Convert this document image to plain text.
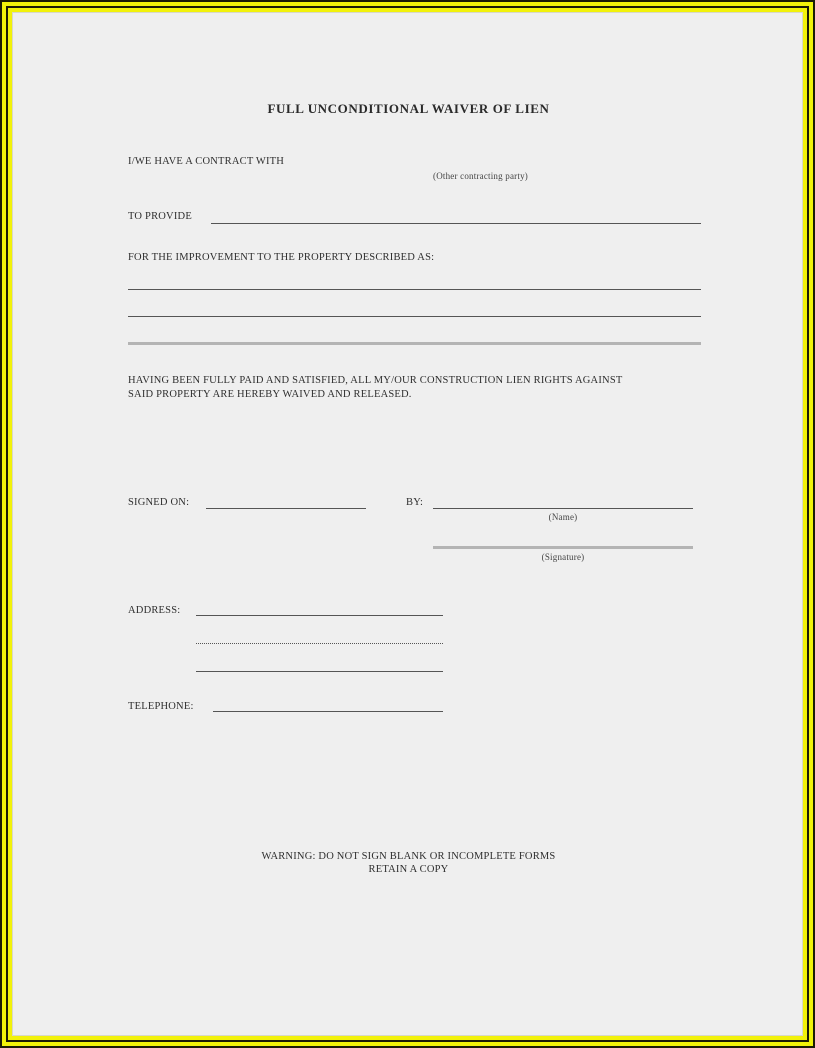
FULL UNCONDITIONAL WAIVER OF LIEN
I/WE HAVE A CONTRACT WITH
(Other contracting party)
TO PROVIDE
FOR THE IMPROVEMENT TO THE PROPERTY DESCRIBED AS:
HAVING BEEN FULLY PAID AND SATISFIED, ALL MY/OUR CONSTRUCTION LIEN RIGHTS AGAINST
SAID PROPERTY ARE HEREBY WAIVED AND RELEASED.
SIGNED ON:	BY:
(Name)
(Signature)
ADDRESS:
TELEPHONE:
WARNING: DO NOT SIGN BLANK OR INCOMPLETE FORMS
RETAIN A COPY
